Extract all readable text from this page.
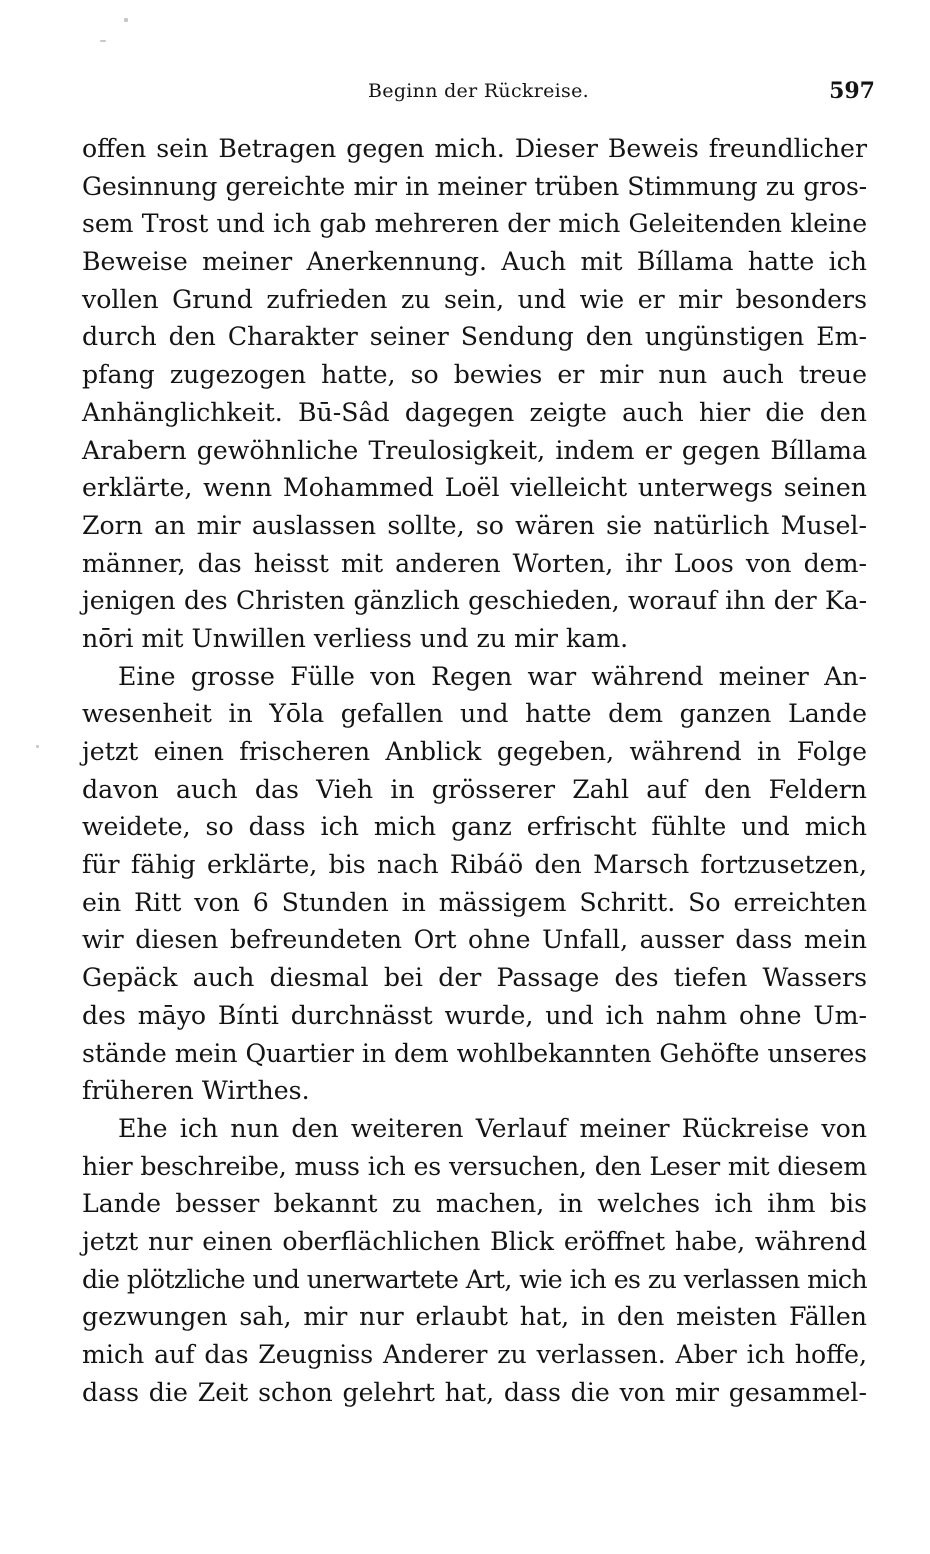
Beginn der Rückreise.	597
offen sein Betragen gegen mich. Dieser Beweis freundlicher
Gesinnung gereichte mir in meiner trüben Stimmung zu gros-
sem Trost und ich gab mehreren der mich Geleitenden kleine
Beweise meiner Anerkennung. Auch mit Bíllama hatte ich
vollen Grund zufrieden zu sein, und wie er mir besonders
durch den Charakter seiner Sendung den ungünstigen Em-
pfang zugezogen hatte, so bewies er mir nun auch treue
Anhänglichkeit. Bū-Sâd dagegen zeigte auch hier die den
Arabern gewöhnliche Treulosigkeit, indem er gegen Bíllama
erklärte, wenn Mohammed Loël vielleicht unterwegs seinen
Zorn an mir auslassen sollte, so wären sie natürlich Musel-
männer, das heisst mit anderen Worten, ihr Loos von dem-
jenigen des Christen gänzlich geschieden, worauf ihn der Ka-
nōri mit Unwillen verliess und zu mir kam.
Eine grosse Fülle von Regen war während meiner An-
wesenheit in Yōla gefallen und hatte dem ganzen Lande
jetzt einen frischeren Anblick gegeben, während in Folge
davon auch das Vieh in grösserer Zahl auf den Feldern
weidete, so dass ich mich ganz erfrischt fühlte und mich
für fähig erklärte, bis nach Ribáö den Marsch fortzusetzen,
ein Ritt von 6 Stunden in mässigem Schritt. So erreichten
wir diesen befreundeten Ort ohne Unfall, ausser dass mein
Gepäck auch diesmal bei der Passage des tiefen Wassers
des māyo Bínti durchnässt wurde, und ich nahm ohne Um-
stände mein Quartier in dem wohlbekannten Gehöfte unseres
früheren Wirthes.
Ehe ich nun den weiteren Verlauf meiner Rückreise von
hier beschreibe, muss ich es versuchen, den Leser mit diesem
Lande besser bekannt zu machen, in welches ich ihm bis
jetzt nur einen oberflächlichen Blick eröffnet habe, während
die plötzliche und unerwartete Art, wie ich es zu verlassen mich
gezwungen sah, mir nur erlaubt hat, in den meisten Fällen
mich auf das Zeugniss Anderer zu verlassen. Aber ich hoffe,
dass die Zeit schon gelehrt hat, dass die von mir gesammel-
